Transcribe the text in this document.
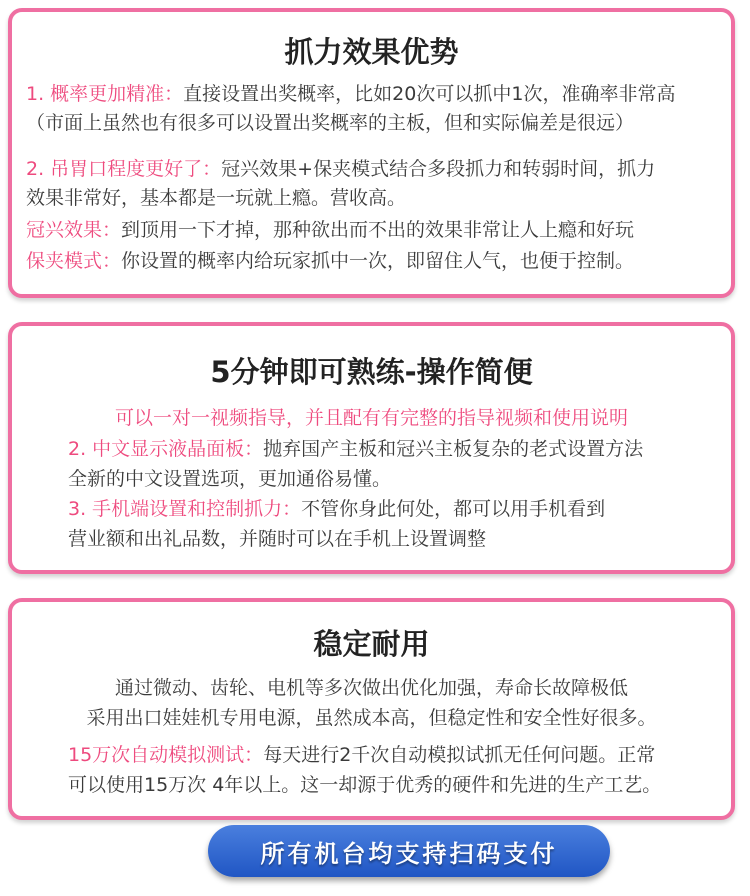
抓力效果优势
1. 概率更加精准：直接设置出奖概率，比如20次可以抓中1次，准确率非常高
（市面上虽然也有很多可以设置出奖概率的主板，但和实际偏差是很远）
2. 吊胃口程度更好了：冠兴效果+保夹模式结合多段抓力和转弱时间，抓力
效果非常好，基本都是一玩就上瘾。营收高。
冠兴效果：到顶用一下才掉，那种欲出而不出的效果非常让人上瘾和好玩
保夹模式：你设置的概率内给玩家抓中一次，即留住人气，也便于控制。
5分钟即可熟练-操作简便
可以一对一视频指导，并且配有有完整的指导视频和使用说明
2. 中文显示液晶面板：抛弃国产主板和冠兴主板复杂的老式设置方法
全新的中文设置选项，更加通俗易懂。
3. 手机端设置和控制抓力：不管你身此何处，都可以用手机看到
营业额和出礼品数，并随时可以在手机上设置调整
稳定耐用
通过微动、齿轮、电机等多次做出优化加强，寿命长故障极低
采用出口娃娃机专用电源，虽然成本高，但稳定性和安全性好很多。
15万次自动模拟测试：每天进行2千次自动模拟试抓无任何问题。正常
可以使用15万次 4年以上。这一却源于优秀的硬件和先进的生产工艺。
所有机台均支持扫码支付
